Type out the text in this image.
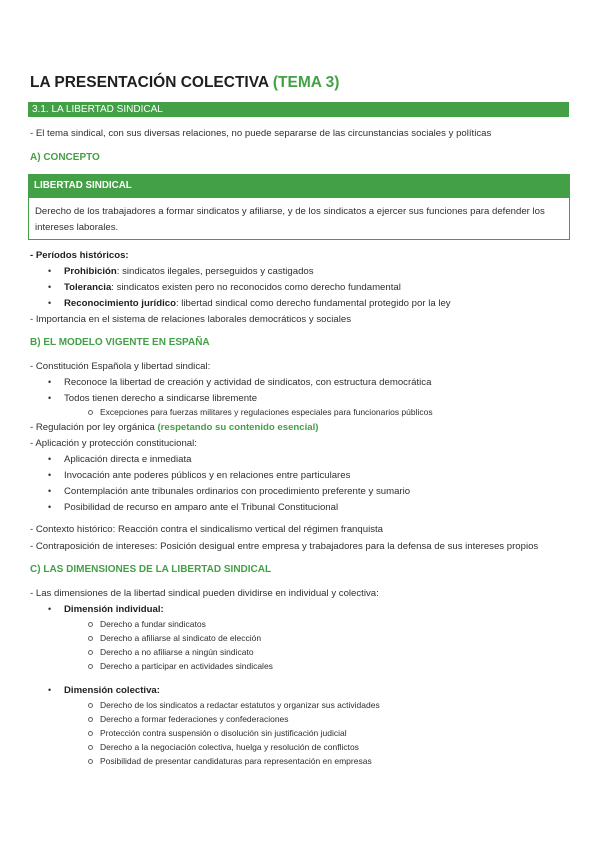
LA PRESENTACIÓN COLECTIVA (TEMA 3)
3.1. LA LIBERTAD SINDICAL
- El tema sindical, con sus diversas relaciones, no puede separarse de las circunstancias sociales y políticas
A) CONCEPTO
LIBERTAD SINDICAL
Derecho de los trabajadores a formar sindicatos y afiliarse, y de los sindicatos a ejercer sus funciones para defender los intereses laborales.
- Períodos históricos:
• Prohibición: sindicatos ilegales, perseguidos y castigados
• Tolerancia: sindicatos existen pero no reconocidos como derecho fundamental
• Reconocimiento jurídico: libertad sindical como derecho fundamental protegido por la ley
- Importancia en el sistema de relaciones laborales democráticos y sociales
B) EL MODELO VIGENTE EN ESPAÑA
- Constitución Española y libertad sindical:
• Reconoce la libertad de creación y actividad de sindicatos, con estructura democrática
• Todos tienen derecho a sindicarse libremente
Excepciones para fuerzas militares y regulaciones especiales para funcionarios públicos
- Regulación por ley orgánica (respetando su contenido esencial)
- Aplicación y protección constitucional:
• Aplicación directa e inmediata
• Invocación ante poderes públicos y en relaciones entre particulares
• Contemplación ante tribunales ordinarios con procedimiento preferente y sumario
• Posibilidad de recurso en amparo ante el Tribunal Constitucional
- Contexto histórico: Reacción contra el sindicalismo vertical del régimen franquista
- Contraposición de intereses: Posición desigual entre empresa y trabajadores para la defensa de sus intereses propios
C) LAS DIMENSIONES DE LA LIBERTAD SINDICAL
- Las dimensiones de la libertad sindical pueden dividirse en individual y colectiva:
• Dimensión individual:
Derecho a fundar sindicatos
Derecho a afiliarse al sindicato de elección
Derecho a no afiliarse a ningún sindicato
Derecho a participar en actividades sindicales
• Dimensión colectiva:
Derecho de los sindicatos a redactar estatutos y organizar sus actividades
Derecho a formar federaciones y confederaciones
Protección contra suspensión o disolución sin justificación judicial
Derecho a la negociación colectiva, huelga y resolución de conflictos
Posibilidad de presentar candidaturas para representación en empresas
